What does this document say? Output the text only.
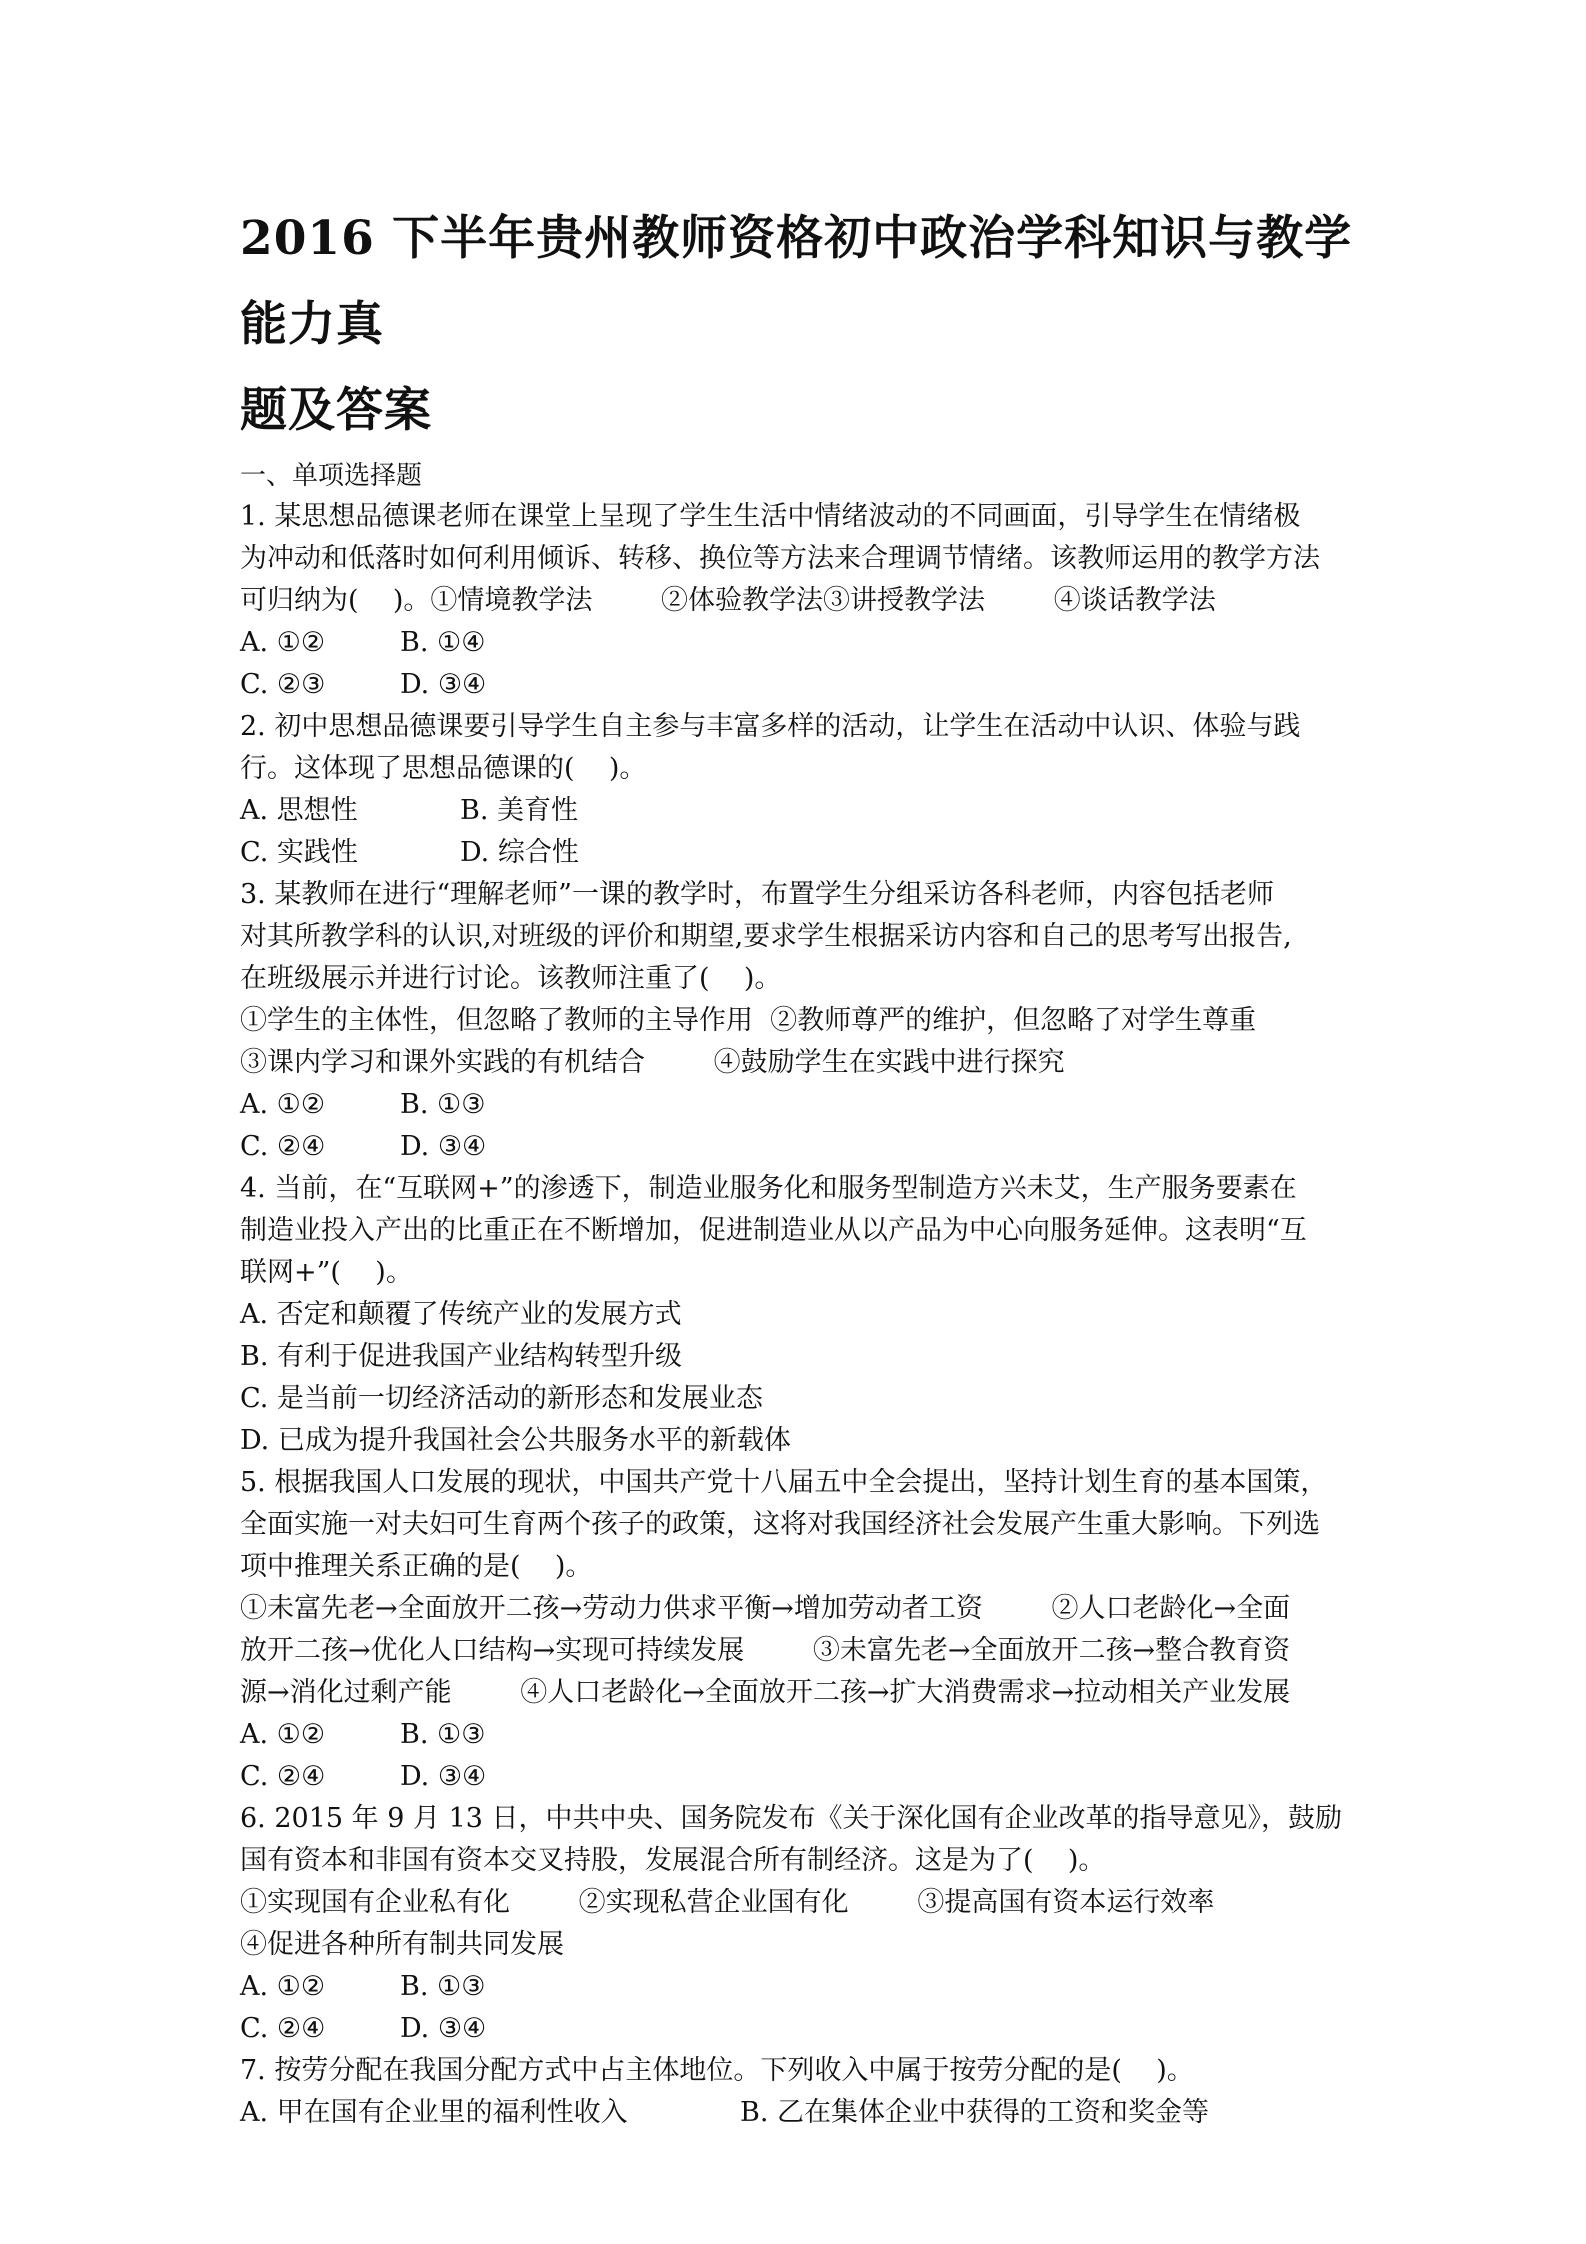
2016 下半年贵州教师资格初中政治学科知识与教学能力真
题及答案
一、单项选择题
1. 某思想品德课老师在课堂上呈现了学生生活中情绪波动的不同画面，引导学生在情绪极
为冲动和低落时如何利用倾诉、转移、换位等方法来合理调节情绪。该教师运用的教学方法
可归纳为(    )。①情境教学法        ②体验教学法③讲授教学法        ④谈话教学法
A. ①②	B. ①④
C. ②③	D. ③④
2. 初中思想品德课要引导学生自主参与丰富多样的活动，让学生在活动中认识、体验与践
行。这体现了思想品德课的(    )。
A. 思想性	B. 美育性
C. 实践性	D. 综合性
3. 某教师在进行“理解老师”一课的教学时，布置学生分组采访各科老师，内容包括老师
对其所教学科的认识,对班级的评价和期望,要求学生根据采访内容和自己的思考写出报告,
在班级展示并进行讨论。该教师注重了(    )。
①学生的主体性，但忽略了教师的主导作用  ②教师尊严的维护，但忽略了对学生尊重
③课内学习和课外实践的有机结合        ④鼓励学生在实践中进行探究
A. ①②	B. ①③
C. ②④	D. ③④
4. 当前，在“互联网+”的渗透下，制造业服务化和服务型制造方兴未艾，生产服务要素在
制造业投入产出的比重正在不断增加，促进制造业从以产品为中心向服务延伸。这表明“互
联网+”(    )。
A. 否定和颠覆了传统产业的发展方式
B. 有利于促进我国产业结构转型升级
C. 是当前一切经济活动的新形态和发展业态
D. 已成为提升我国社会公共服务水平的新载体
5. 根据我国人口发展的现状，中国共产党十八届五中全会提出，坚持计划生育的基本国策，
全面实施一对夫妇可生育两个孩子的政策，这将对我国经济社会发展产生重大影响。下列选
项中推理关系正确的是(    )。
①未富先老→全面放开二孩→劳动力供求平衡→增加劳动者工资        ②人口老龄化→全面
放开二孩→优化人口结构→实现可持续发展        ③未富先老→全面放开二孩→整合教育资
源→消化过剩产能        ④人口老龄化→全面放开二孩→扩大消费需求→拉动相关产业发展
A. ①②	B. ①③
C. ②④	D. ③④
6. 2015 年 9 月 13 日，中共中央、国务院发布《关于深化国有企业改革的指导意见》，鼓励
国有资本和非国有资本交叉持股，发展混合所有制经济。这是为了(    )。
①实现国有企业私有化        ②实现私营企业国有化        ③提高国有资本运行效率
④促进各种所有制共同发展
A. ①②	B. ①③
C. ②④	D. ③④
7. 按劳分配在我国分配方式中占主体地位。下列收入中属于按劳分配的是(    )。
A. 甲在国有企业里的福利性收入	B. 乙在集体企业中获得的工资和奖金等
